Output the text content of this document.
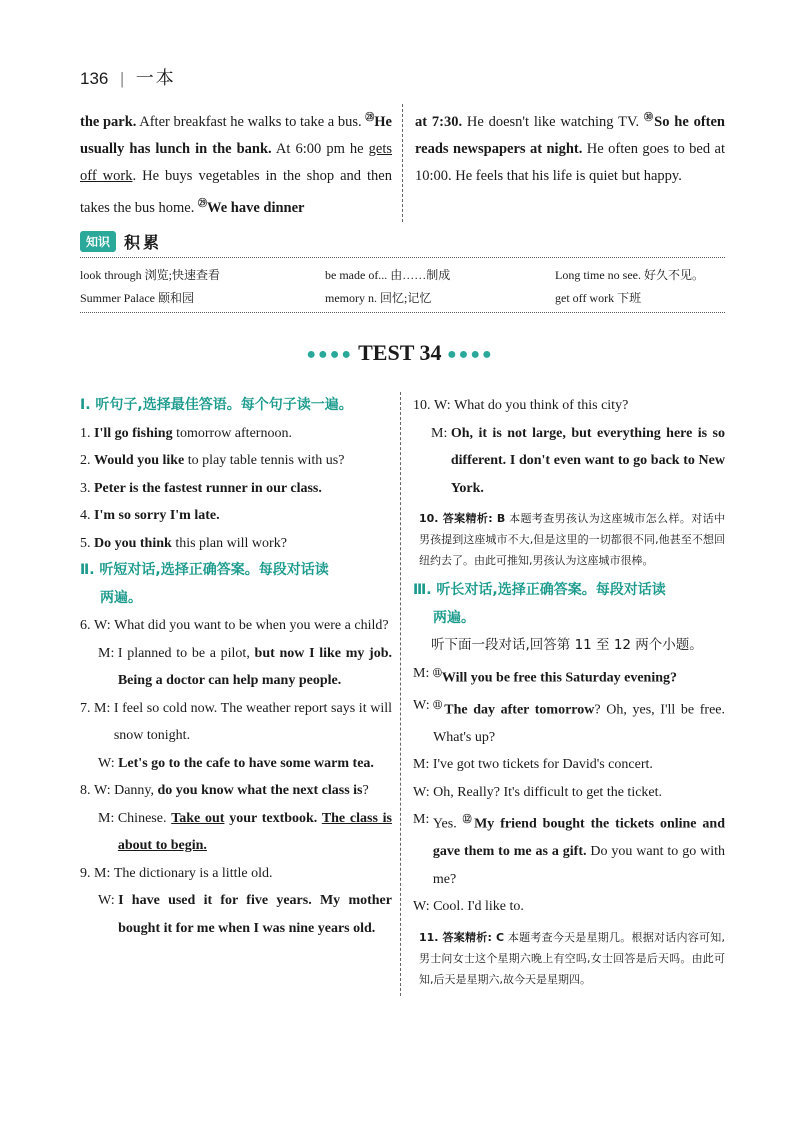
136 | 一本
the park. After breakfast he walks to take a bus. $^㉘$He usually has lunch in the bank. At 6:00 pm he gets off work. He buys vegetables in the shop and then takes the bus home. $^㉙$We have dinner
at 7:30. He doesn't like watching TV. $^㉚$So he often reads newspapers at night. He often goes to bed at 10:00. He feels that his life is quiet but happy.
知识 积累
look through 浏览;快速查看	be made of... 由……制成	Long time no see. 好久不见。
Summer Palace 颐和园	memory n. 回忆;记忆	get off work 下班
●●●● TEST 34 ●●●●
Ⅰ. 听句子,选择最佳答语。每个句子读一遍。
1. I'll go fishing tomorrow afternoon.
2. Would you like to play table tennis with us?
3. Peter is the fastest runner in our class.
4. I'm so sorry I'm late.
5. Do you think this plan will work?
Ⅱ. 听短对话,选择正确答案。每段对话读
两遍。
6. W: What did you want to be when you were a child?
M: I planned to be a pilot, but now I like my job. Being a doctor can help many people.
7. M: I feel so cold now. The weather report says it will snow tonight.
W: Let's go to the cafe to have some warm tea.
8. W: Danny, do you know what the next class is?
M: Chinese. Take out your textbook. The class is about to begin.
9. M: The dictionary is a little old.
W: I have used it for five years. My mother bought it for me when I was nine years old.
10. W: What do you think of this city?
M: Oh, it is not large, but everything here is so different. I don't even want to go back to New York.
10. 答案精析: B 本题考查男孩认为这座城市怎么样。对话中男孩提到这座城市不大,但是这里的一切都很不同,他甚至不想回纽约去了。由此可推知,男孩认为这座城市很棒。
Ⅲ. 听长对话,选择正确答案。每段对话读
两遍。
听下面一段对话,回答第 11 至 12 两个小题。
M: ⑪Will you be free this Saturday evening?
W: ⑪The day after tomorrow? Oh, yes, I'll be free. What's up?
M: I've got two tickets for David's concert.
W: Oh, Really? It's difficult to get the ticket.
M: Yes. ⑫My friend bought the tickets online and gave them to me as a gift. Do you want to go with me?
W: Cool. I'd like to.
11. 答案精析: C 本题考查今天是星期几。根据对话内容可知,男士问女士这个星期六晚上有空吗,女士回答是后天吗。由此可知,后天是星期六,故今天是星期四。
